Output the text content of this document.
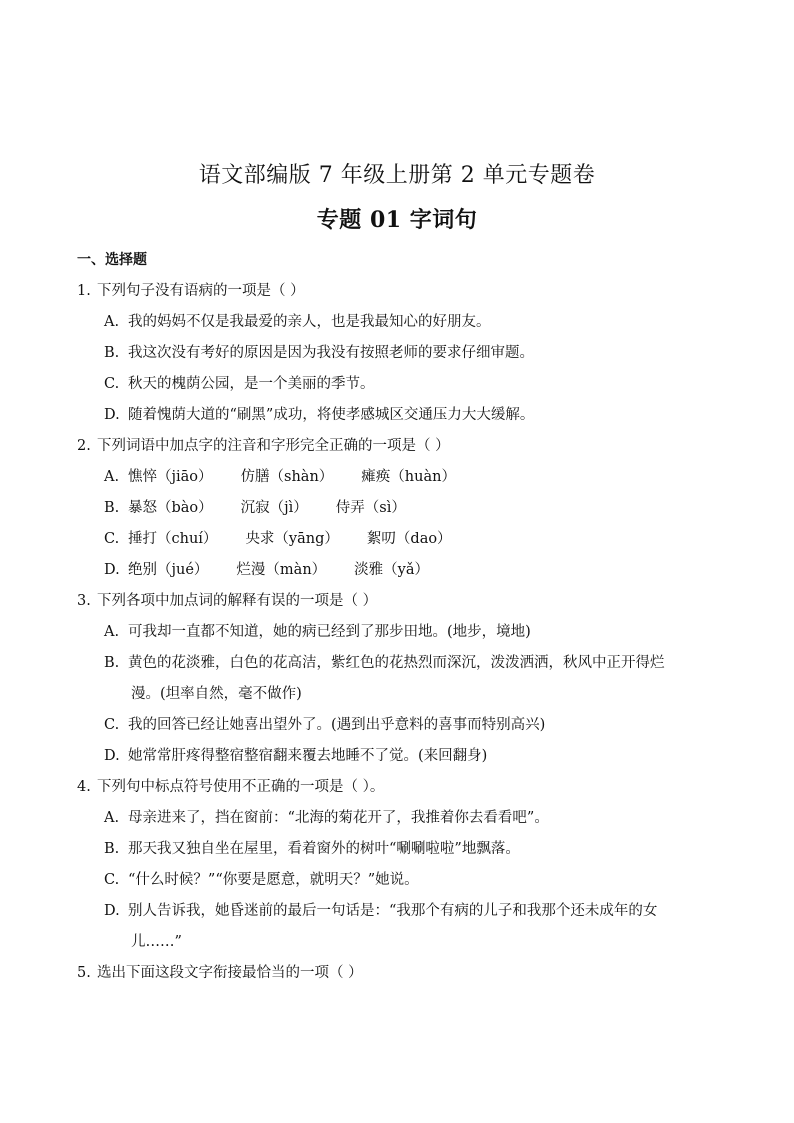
语文部编版 7 年级上册第 2 单元专题卷
专题 01 字词句
一、选择题
1. 下列句子没有语病的一项是（ ）
A. 我的妈妈不仅是我最爱的亲人，也是我最知心的好朋友。
B. 我这次没有考好的原因是因为我没有按照老师的要求仔细审题。
C. 秋天的槐荫公园，是一个美丽的季节。
D. 随着愧荫大道的“刷黑”成功，将使孝感城区交通压力大大缓解。
2. 下列词语中加点字的注音和字形完全正确的一项是（ ）
A. 憔悴（jiāo） 仿膳（shàn） 瘫痪（huàn）
B. 暴怒（bào） 沉寂（jì） 侍弄（sì）
C. 捶打（chuí） 央求（yāng） 絮叨（dao）
D. 绝别（jué） 烂漫（màn） 淡雅（yǎ）
3. 下列各项中加点词的解释有误的一项是（ ）
A. 可我却一直都不知道，她的病已经到了那步田地。(地步，境地)
B. 黄色的花淡雅，白色的花高洁，紫红色的花热烈而深沉，泼泼洒洒，秋风中正开得烂
漫。(坦率自然，毫不做作)
C. 我的回答已经让她喜出望外了。(遇到出乎意料的喜事而特别高兴)
D. 她常常肝疼得整宿整宿翻来覆去地睡不了觉。(来回翻身)
4. 下列句中标点符号使用不正确的一项是（ ）。
A. 母亲进来了，挡在窗前：“北海的菊花开了，我推着你去看看吧”。
B. 那天我又独自坐在屋里，看着窗外的树叶“唰唰啦啦”地飘落。
C. “什么时候？”“你要是愿意，就明天？”她说。
D. 别人告诉我，她昏迷前的最后一句话是：“我那个有病的儿子和我那个还未成年的女
儿……”
5. 选出下面这段文字衔接最恰当的一项（ ）
